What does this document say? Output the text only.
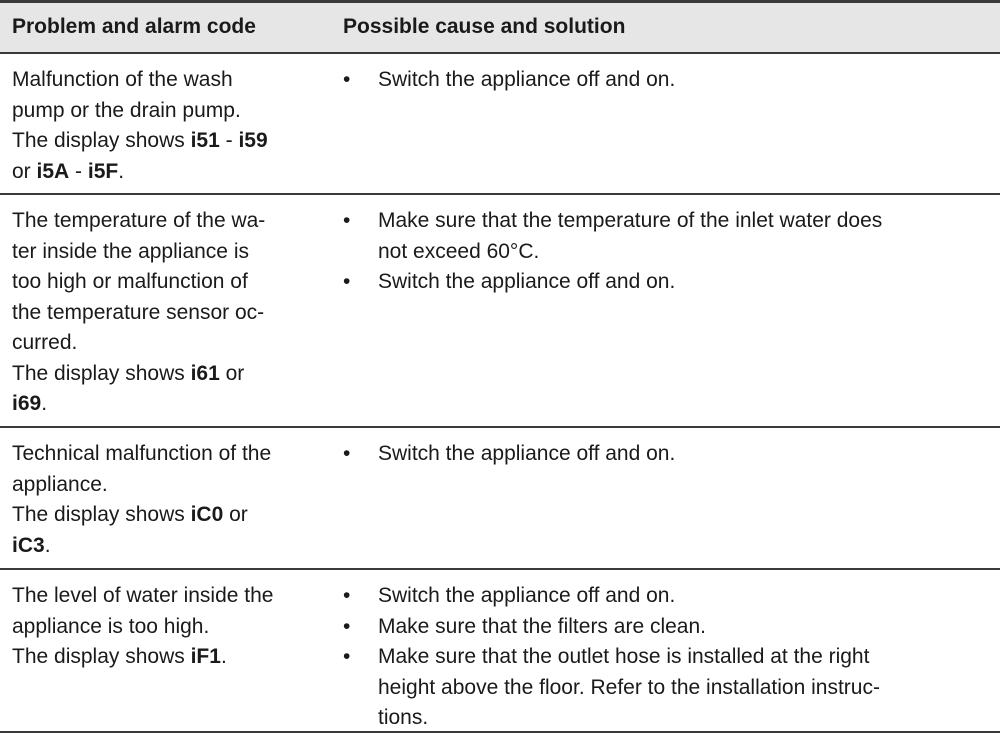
Problem and alarm code	Possible cause and solution
Malfunction of the wash
pump or the drain pump.
The display shows i51 - i59
or i5A - i5F.
• Switch the appliance off and on.
The temperature of the wa-
ter inside the appliance is
too high or malfunction of
the temperature sensor oc-
curred.
The display shows i61 or
i69.
• Make sure that the temperature of the inlet water does
not exceed 60°C.
• Switch the appliance off and on.
Technical malfunction of the
appliance.
The display shows iC0 or
iC3.
• Switch the appliance off and on.
The level of water inside the
appliance is too high.
The display shows iF1.
• Switch the appliance off and on.
• Make sure that the filters are clean.
• Make sure that the outlet hose is installed at the right
height above the floor. Refer to the installation instruc-
tions.
